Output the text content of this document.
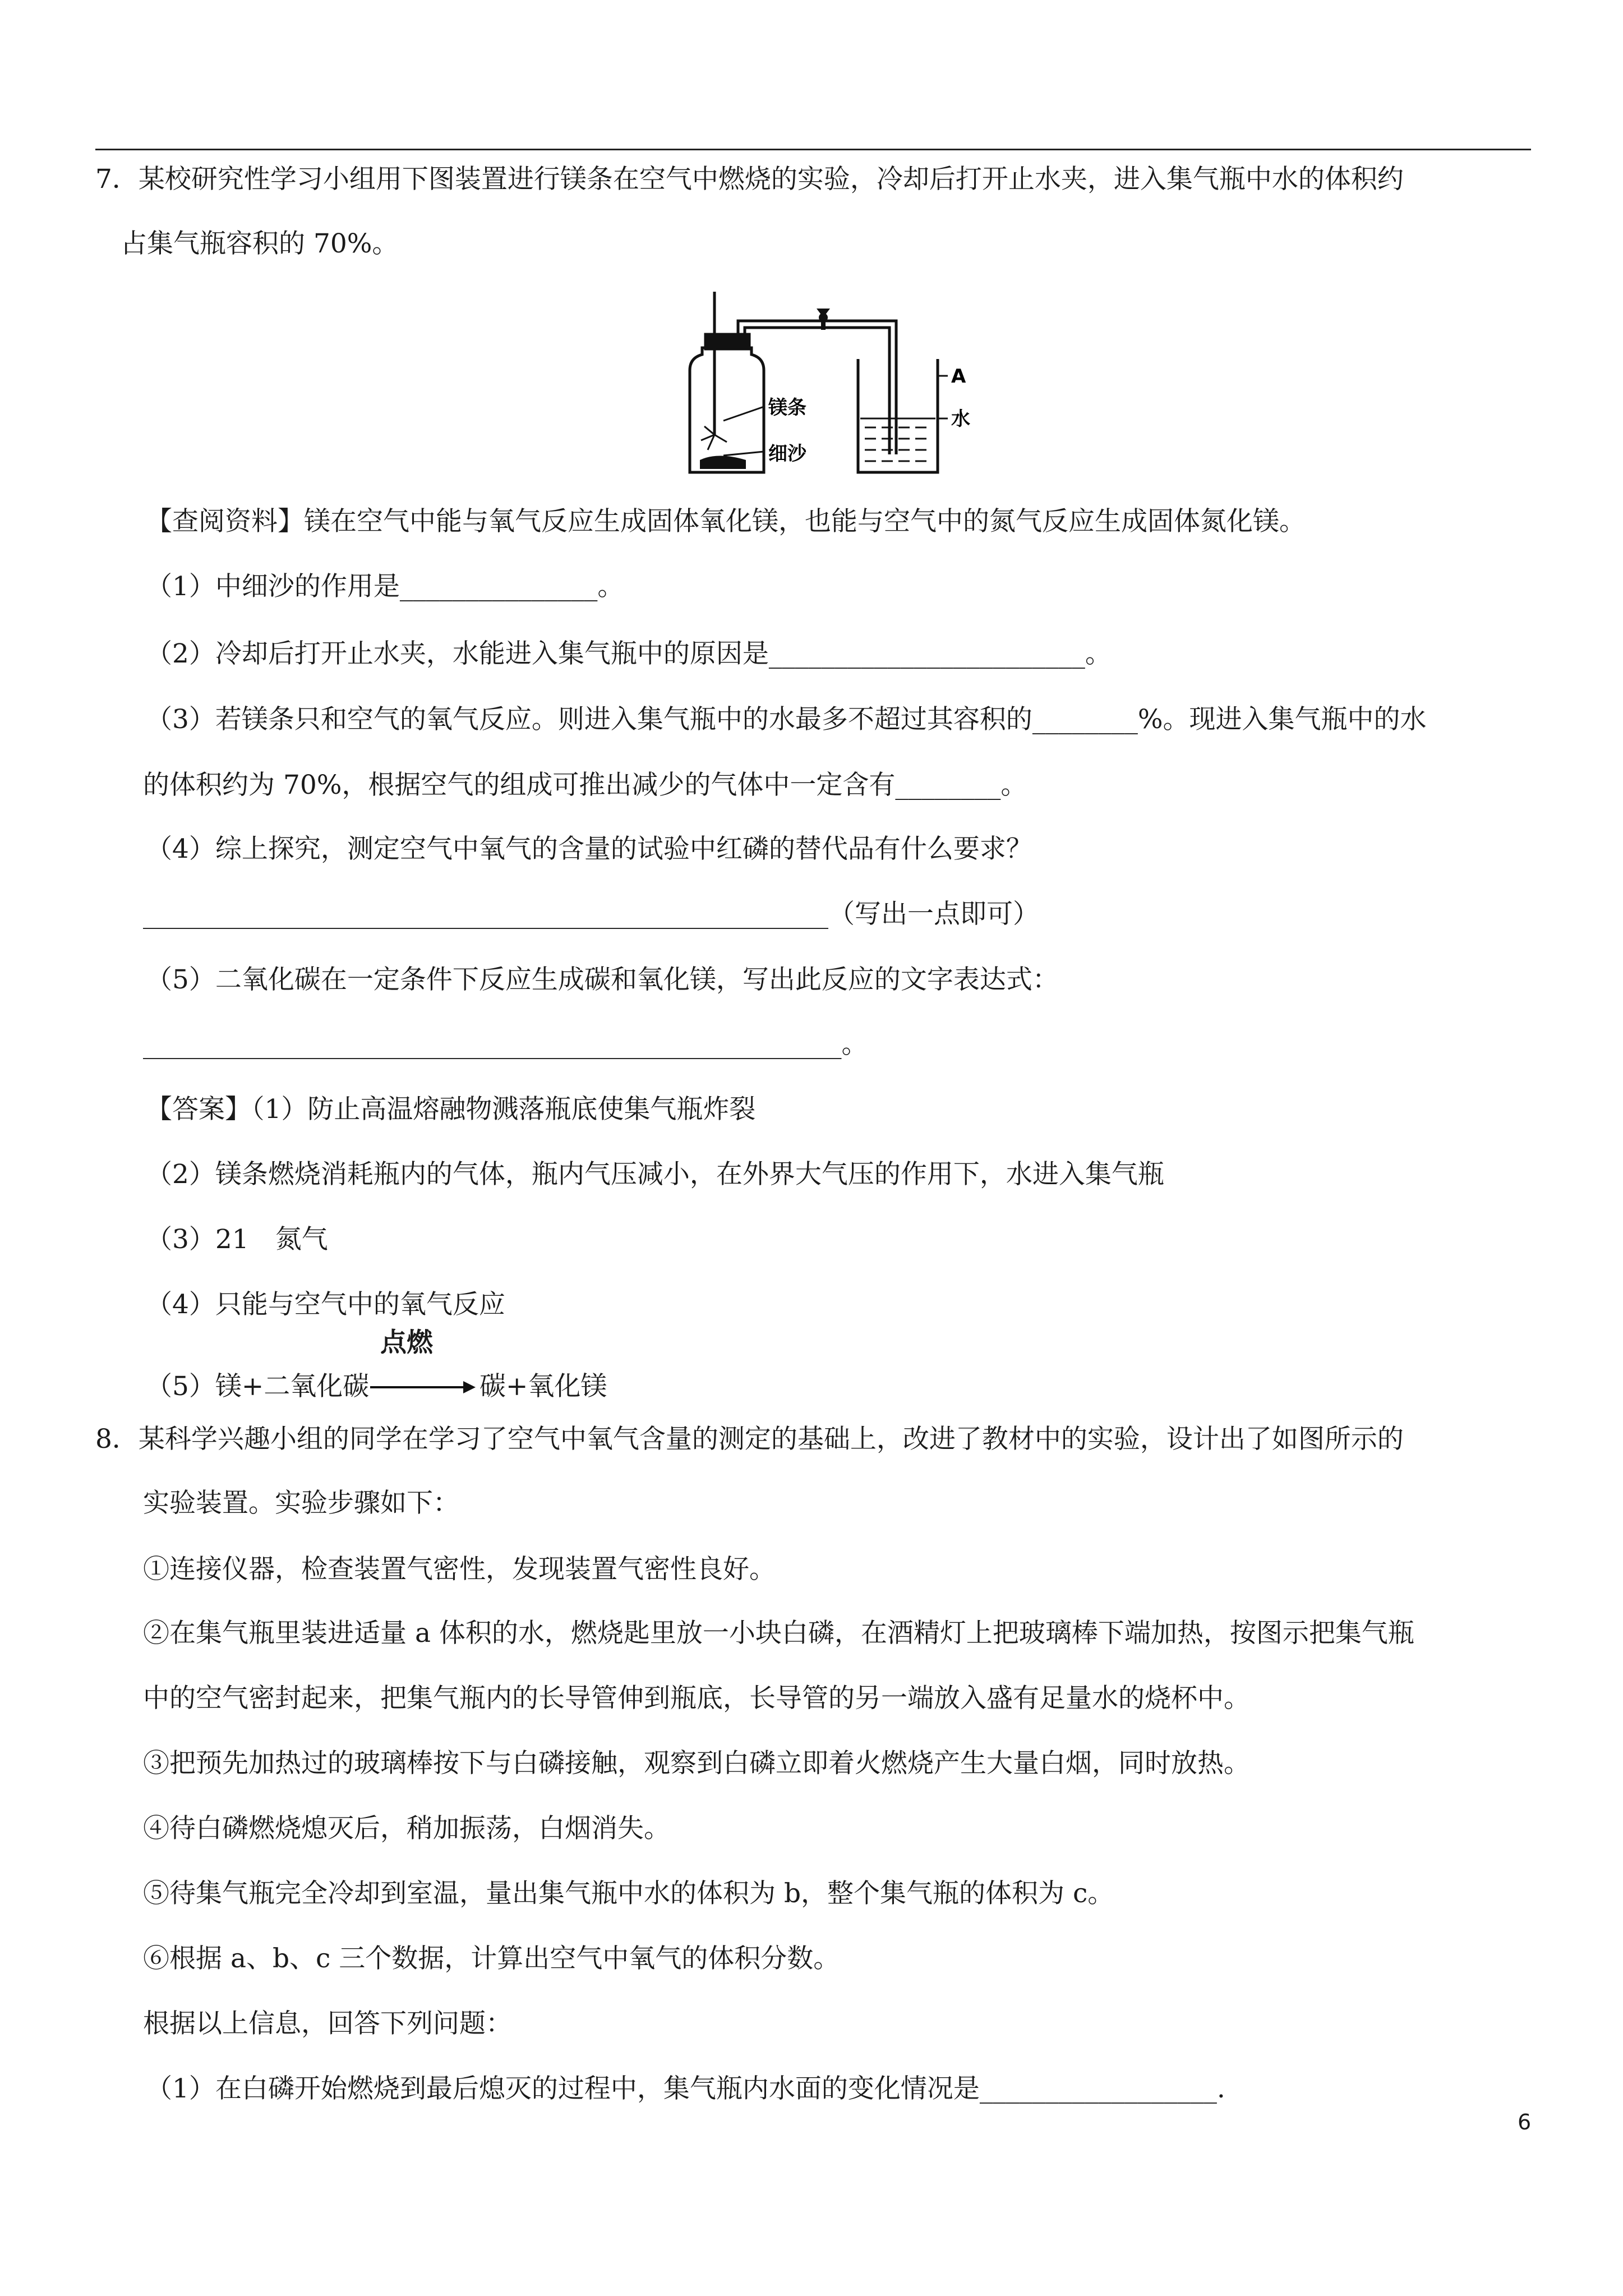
7．某校研究性学习小组用下图装置进行镁条在空气中燃烧的实验，冷却后打开止水夹，进入集气瓶中水的体积约
占集气瓶容积的 70%。
镁条
细沙
A
水
【查阅资料】镁在空气中能与氧气反应生成固体氧化镁，也能与空气中的氮气反应生成固体氮化镁。
（1）中细沙的作用是_______________。
（2）冷却后打开止水夹，水能进入集气瓶中的原因是________________________。
（3）若镁条只和空气的氧气反应。则进入集气瓶中的水最多不超过其容积的________%。现进入集气瓶中的水
的体积约为 70%，根据空气的组成可推出减少的气体中一定含有________。
（4）综上探究，测定空气中氧气的含量的试验中红磷的替代品有什么要求？
____________________________________________________（写出一点即可）
（5）二氧化碳在一定条件下反应生成碳和氧化镁，写出此反应的文字表达式：
_____________________________________________________。
【答案】（1）防止高温熔融物溅落瓶底使集气瓶炸裂
（2）镁条燃烧消耗瓶内的气体，瓶内气压减小，在外界大气压的作用下，水进入集气瓶
（3）21　氮气
（4）只能与空气中的氧气反应
（5）镁+二氧化碳
点燃
碳+氧化镁
8．某科学兴趣小组的同学在学习了空气中氧气含量的测定的基础上，改进了教材中的实验，设计出了如图所示的
实验装置。实验步骤如下：
①连接仪器，检查装置气密性，发现装置气密性良好。
②在集气瓶里装进适量 a 体积的水，燃烧匙里放一小块白磷，在酒精灯上把玻璃棒下端加热，按图示把集气瓶
中的空气密封起来，把集气瓶内的长导管伸到瓶底，长导管的另一端放入盛有足量水的烧杯中。
③把预先加热过的玻璃棒按下与白磷接触，观察到白磷立即着火燃烧产生大量白烟，同时放热。
④待白磷燃烧熄灭后，稍加振荡，白烟消失。
⑤待集气瓶完全冷却到室温，量出集气瓶中水的体积为 b，整个集气瓶的体积为 c。
⑥根据 a、b、c 三个数据，计算出空气中氧气的体积分数。
根据以上信息，回答下列问题：
（1）在白磷开始燃烧到最后熄灭的过程中，集气瓶内水面的变化情况是__________________.
6
